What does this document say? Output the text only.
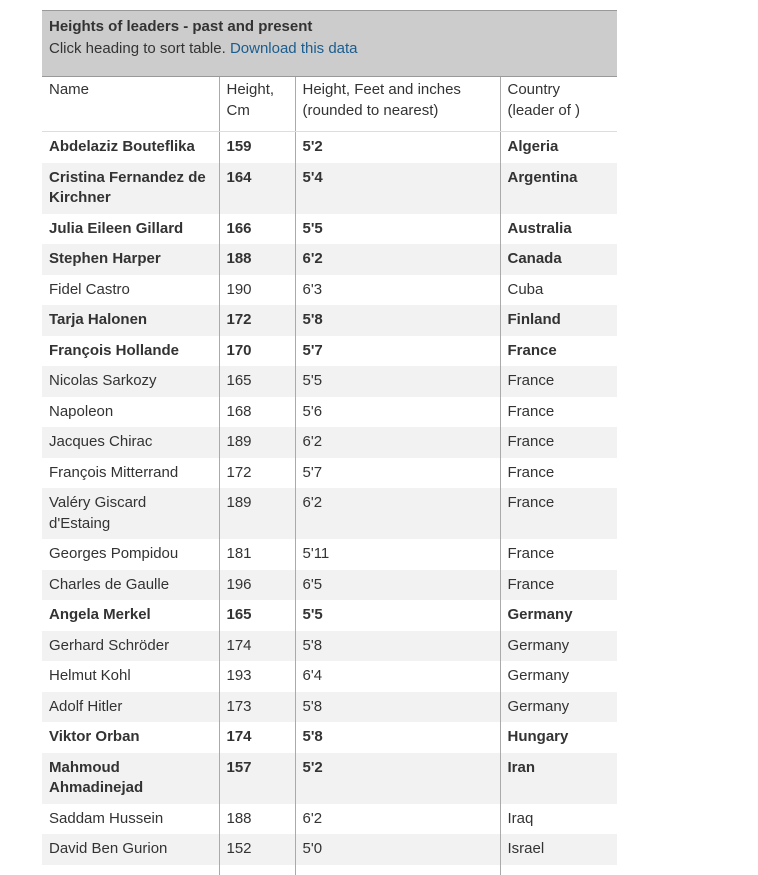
Heights of leaders - past and present
Click heading to sort table. Download this data
Name	Height, Cm	Height, Feet and inches (rounded to nearest)	Country (leader of )
Abdelaziz Bouteflika	159	5'2	Algeria
Cristina Fernandez de Kirchner	164	5'4	Argentina
Julia Eileen Gillard	166	5'5	Australia
Stephen Harper	188	6'2	Canada
Fidel Castro	190	6'3	Cuba
Tarja Halonen	172	5'8	Finland
François Hollande	170	5'7	France
Nicolas Sarkozy	165	5'5	France
Napoleon	168	5'6	France
Jacques Chirac	189	6'2	France
François Mitterrand	172	5'7	France
Valéry Giscard d'Estaing	189	6'2	France
Georges Pompidou	181	5'11	France
Charles de Gaulle	196	6'5	France
Angela Merkel	165	5'5	Germany
Gerhard Schröder	174	5'8	Germany
Helmut Kohl	193	6'4	Germany
Adolf Hitler	173	5'8	Germany
Viktor Orban	174	5'8	Hungary
Mahmoud Ahmadinejad	157	5'2	Iran
Saddam Hussein	188	6'2	Iraq
David Ben Gurion	152	5'0	Israel
